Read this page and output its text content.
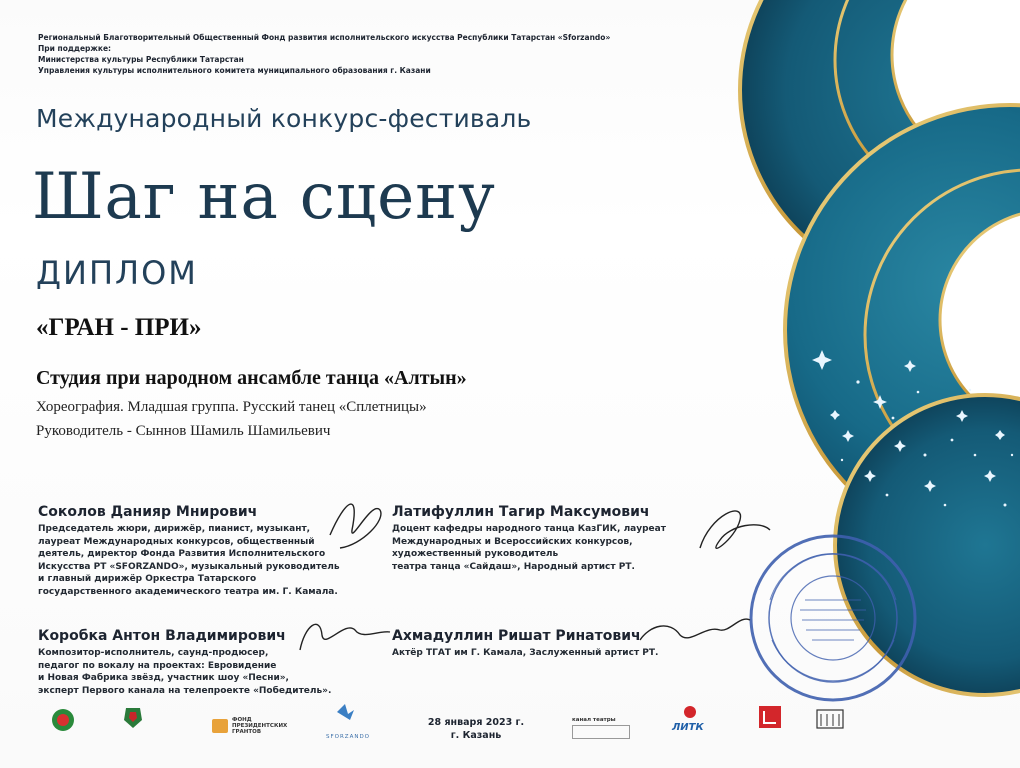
Региональный Благотворительный Общественный Фонд развития исполнительского искусства Республики Татарстан «Sforzando»
При поддержке:
Министерства культуры Республики Татарстан
Управления культуры исполнительного комитета муниципального образования г. Казани
Международный конкурс-фестиваль
Шаг на сцену
ДИПЛОМ
«ГРАН - ПРИ»
Студия при народном ансамбле танца «Алтын»
Хореография. Младшая группа. Русский танец «Сплетницы»
Руководитель - Сыннов Шамиль Шамильевич
Соколов Данияр Мнирович
Председатель жюри, дирижёр, пианист, музыкант,
лауреат Международных конкурсов, общественный
деятель, директор Фонда Развития Исполнительского
Искусства РТ «SFORZANDO», музыкальный руководитель
и главный дирижёр Оркестра Татарского
государственного академического театра им. Г. Камала.
Латифуллин Тагир Максумович
Доцент кафедры народного танца КазГИК, лауреат
Международных и Всероссийских конкурсов,
художественный руководитель
театра танца «Сайдаш», Народный артист РТ.
Коробка Антон Владимирович
Композитор-исполнитель, саунд-продюсер,
педагог по вокалу на проектах: Евровидение
и Новая Фабрика звёзд, участник шоу «Песни»,
эксперт Первого канала на телепроекте «Победитель».
Ахмадуллин Ришат Ринатович
Актёр ТГАТ им Г. Камала, Заслуженный артист РТ.
28 января 2023 г.
г. Казань
ФОНД
ПРЕЗИДЕНТСКИХ
ГРАНТОВ
SFORZANDO
канал театры
ЛИТК
